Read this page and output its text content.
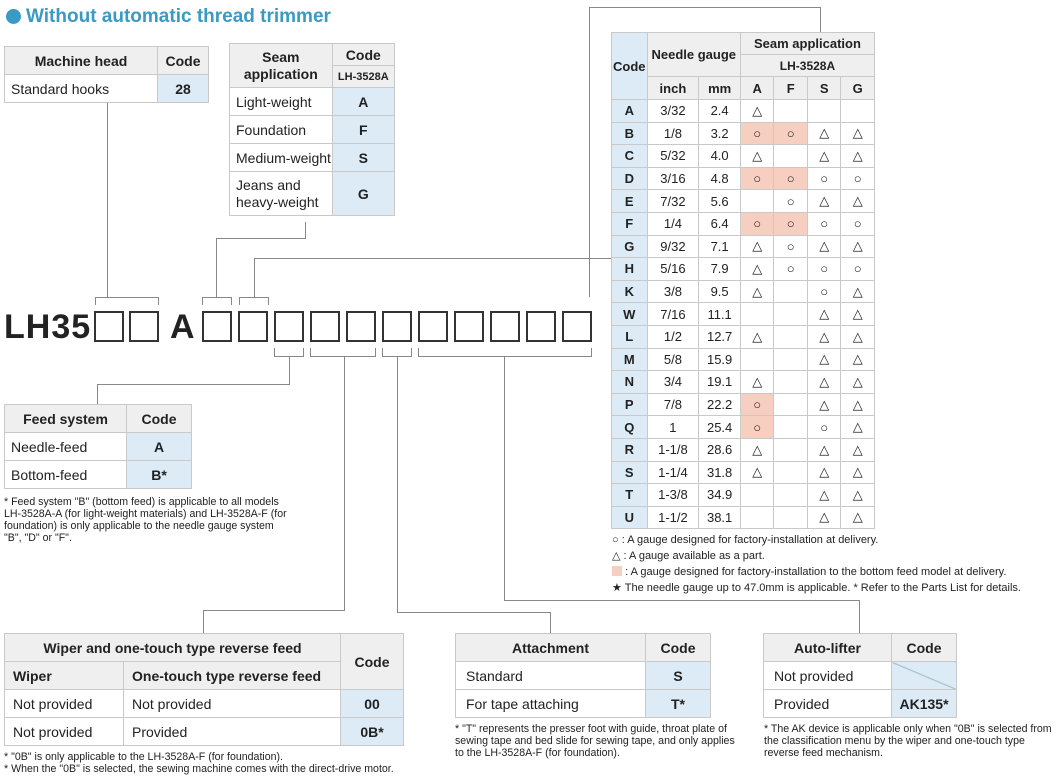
Without automatic thread trimmer
LH35 A
Machine head	Code
Standard hooks	28
Seam application	Code
	LH-3528A
Light-weight	A
Foundation	F
Medium-weight	S
Jeans and heavy-weight	G
Feed system	Code
Needle-feed	A
Bottom-feed	B*
* Feed system "B" (bottom feed) is applicable to all models LH-3528A-A (for light-weight materials) and LH-3528A-F (for foundation) is only applicable to the needle gauge system "B", "D" or "F".
Code	Needle gauge		Seam application			
			LH-3528A			
	inch	mm	A	F	S	G
A	3/32	2.4	△			
B	1/8	3.2	○	○	△	△
C	5/32	4.0	△		△	△
D	3/16	4.8	○	○	○	○
E	7/32	5.6		○	△	△
F	1/4	6.4	○	○	○	○
G	9/32	7.1	△	○	△	△
H	5/16	7.9	△	○	○	○
K	3/8	9.5	△		○	△
W	7/16	11.1			△	△
L	1/2	12.7	△		△	△
M	5/8	15.9			△	△
N	3/4	19.1	△		△	△
P	7/8	22.2	○		△	△
Q	1	25.4	○		○	△
R	1-1/8	28.6	△		△	△
S	1-1/4	31.8	△		△	△
T	1-3/8	34.9			△	△
U	1-1/2	38.1			△	△
○ : A gauge designed for factory-installation at delivery.
△ : A gauge available as a part.
: A gauge designed for factory-installation to the bottom feed model at delivery.
★ The needle gauge up to 47.0mm is applicable. * Refer to the Parts List for details.
Wiper and one-touch type reverse feed		Code
Wiper	One-touch type reverse feed	
Not provided	Not provided	00
Not provided	Provided	0B*
* "0B" is only applicable to the LH-3528A-F (for foundation).
* When the "0B" is selected, the sewing machine comes with the direct-drive motor.
Attachment	Code
Standard	S
For tape attaching	T*
* "T" represents the presser foot with guide, throat plate of sewing tape and bed slide for sewing tape, and only applies to the LH-3528A-F (for foundation).
Auto-lifter	Code
Not provided	
Provided	AK135*
* The AK device is applicable only when "0B" is selected from the classification menu by the wiper and one-touch type reverse feed mechanism.
